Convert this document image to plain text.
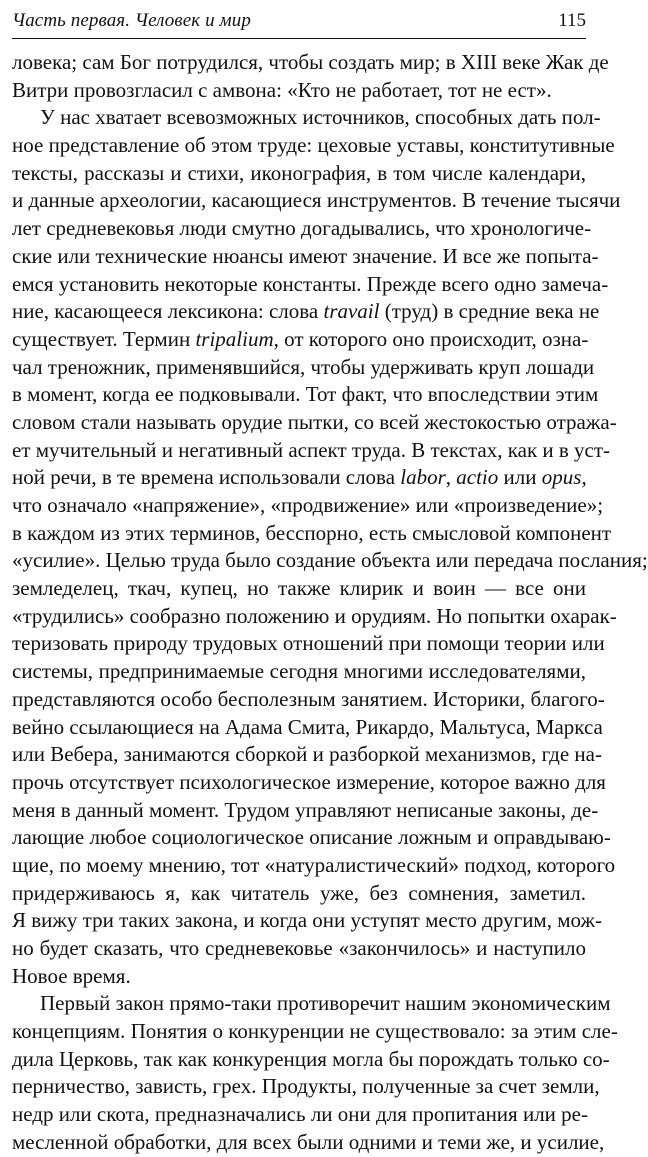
Часть первая. Человек и мир	115
ловека; сам Бог потрудился, чтобы создать мир; в XIII веке Жак де
Витри провозгласил с амвона: «Кто не работает, тот не ест».
У нас хватает всевозможных источников, способных дать пол-
ное представление об этом труде: цеховые уставы, конститутивные
тексты, рассказы и стихи, иконография, в том числе календари,
и данные археологии, касающиеся инструментов. В течение тысячи
лет средневековья люди смутно догадывались, что хронологиче-
ские или технические нюансы имеют значение. И все же попыта-
емся установить некоторые константы. Прежде всего одно замеча-
ние, касающееся лексикона: слова travail (труд) в средние века не
существует. Термин tripalium, от которого оно происходит, озна-
чал треножник, применявшийся, чтобы удерживать круп лошади
в момент, когда ее подковывали. Тот факт, что впоследствии этим
словом стали называть орудие пытки, со всей жестокостью отража-
ет мучительный и негативный аспект труда. В текстах, как и в уст-
ной речи, в те времена использовали слова labor, actio или opus,
что означало «напряжение», «продвижение» или «произведение»;
в каждом из этих терминов, бесспорно, есть смысловой компонент
«усилие». Целью труда было создание объекта или передача послания;
земледелец, ткач, купец, но также клирик и воин — все они
«трудились» сообразно положению и орудиям. Но попытки охарак-
теризовать природу трудовых отношений при помощи теории или
системы, предпринимаемые сегодня многими исследователями,
представляются особо бесполезным занятием. Историки, благого-
вейно ссылающиеся на Адама Смита, Рикардо, Мальтуса, Маркса
или Вебера, занимаются сборкой и разборкой механизмов, где на-
прочь отсутствует психологическое измерение, которое важно для
меня в данный момент. Трудом управляют неписаные законы, де-
лающие любое социологическое описание ложным и оправдываю-
щие, по моему мнению, тот «натуралистический» подход, которого
придерживаюсь я, как читатель уже, без сомнения, заметил.
Я вижу три таких закона, и когда они уступят место другим, мож-
но будет сказать, что средневековье «закончилось» и наступило
Новое время.
Первый закон прямо-таки противоречит нашим экономическим
концепциям. Понятия о конкуренции не существовало: за этим сле-
дила Церковь, так как конкуренция могла бы порождать только со-
перничество, зависть, грех. Продукты, полученные за счет земли,
недр или скота, предназначались ли они для пропитания или ре-
месленной обработки, для всех были одними и теми же, и усилие,
